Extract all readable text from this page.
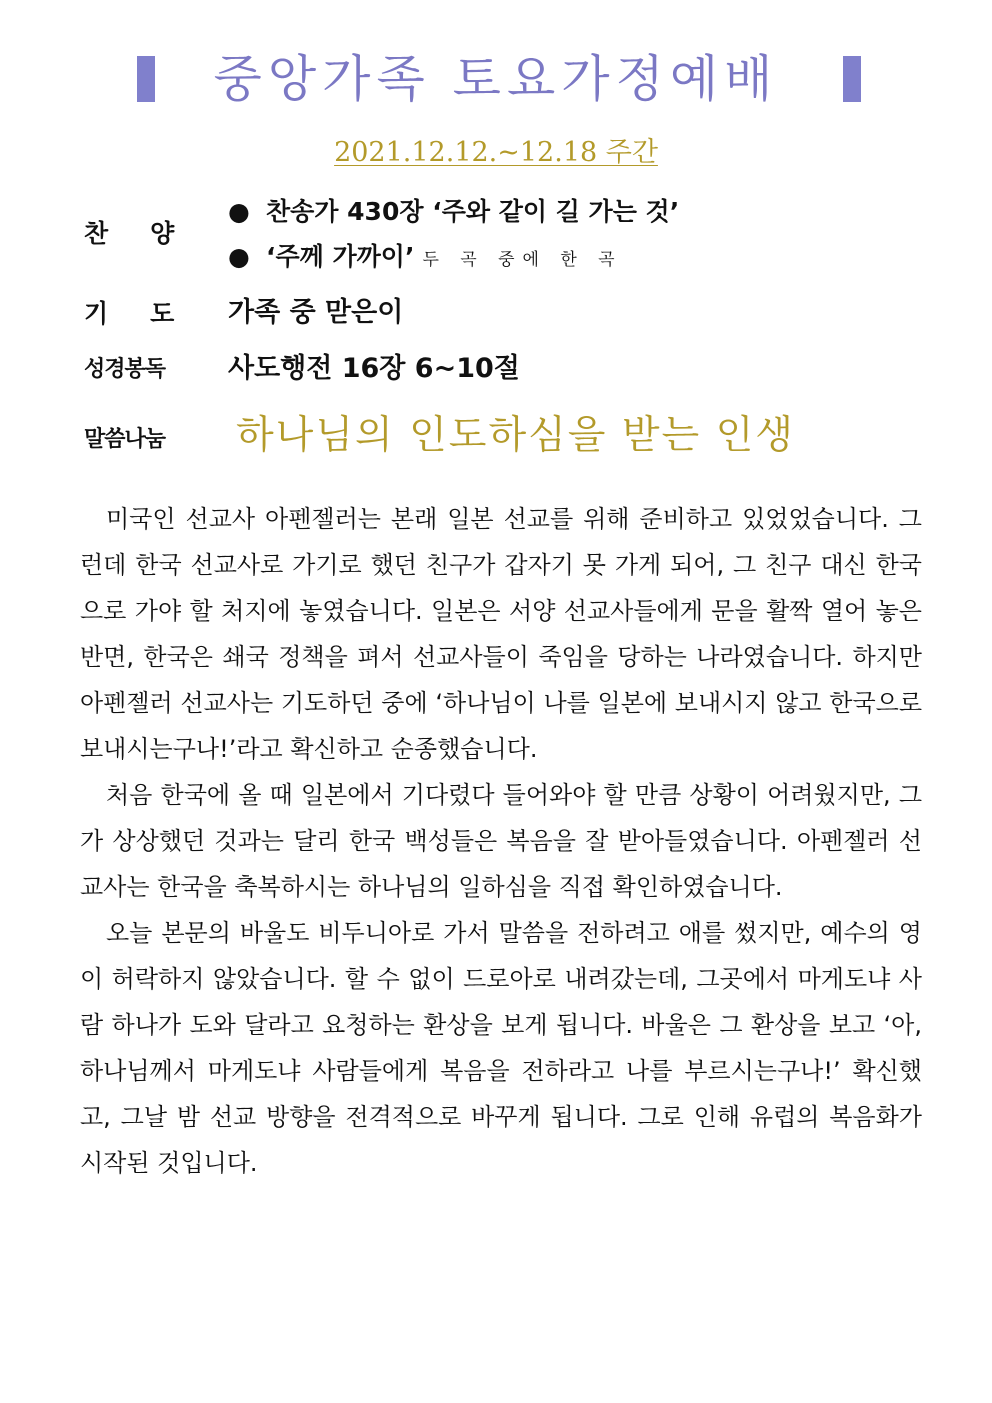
중앙가족 토요가정예배
2021.12.12.~12.18 주간
찬양
● 찬송가 430장 ‘주와 같이 길 가는 것’
● ‘주께 가까이’ 두 곡 중에 한 곡
기도 가족 중 맏은이
성경봉독 사도행전 16장 6~10절
말씀나눔 하나님의 인도하심을 받는 인생

미국인 선교사 아펜젤러는 본래 일본 선교를 위해 준비하고 있었었습니다. 그런데 한국 선교사로 가기로 했던 친구가 갑자기 못 가게 되어, 그 친구 대신 한국으로 가야 할 처지에 놓였습니다. 일본은 서양 선교사들에게 문을 활짝 열어 놓은 반면, 한국은 쇄국 정책을 펴서 선교사들이 죽임을 당하는 나라였습니다. 하지만 아펜젤러 선교사는 기도하던 중에 ‘하나님이 나를 일본에 보내시지 않고 한국으로 보내시는구나!’라고 확신하고 순종했습니다.

처음 한국에 올 때 일본에서 기다렸다 들어와야 할 만큼 상황이 어려웠지만, 그가 상상했던 것과는 달리 한국 백성들은 복음을 잘 받아들였습니다. 아펜젤러 선교사는 한국을 축복하시는 하나님의 일하심을 직접 확인하였습니다.

오늘 본문의 바울도 비두니아로 가서 말씀을 전하려고 애를 썼지만, 예수의 영이 허락하지 않았습니다. 할 수 없이 드로아로 내려갔는데, 그곳에서 마게도냐 사람 하나가 도와 달라고 요청하는 환상을 보게 됩니다. 바울은 그 환상을 보고 ‘아, 하나님께서 마게도냐 사람들에게 복음을 전하라고 나를 부르시는구나!’ 확신했고, 그날 밤 선교 방향을 전격적으로 바꾸게 됩니다. 그로 인해 유럽의 복음화가 시작된 것입니다.
